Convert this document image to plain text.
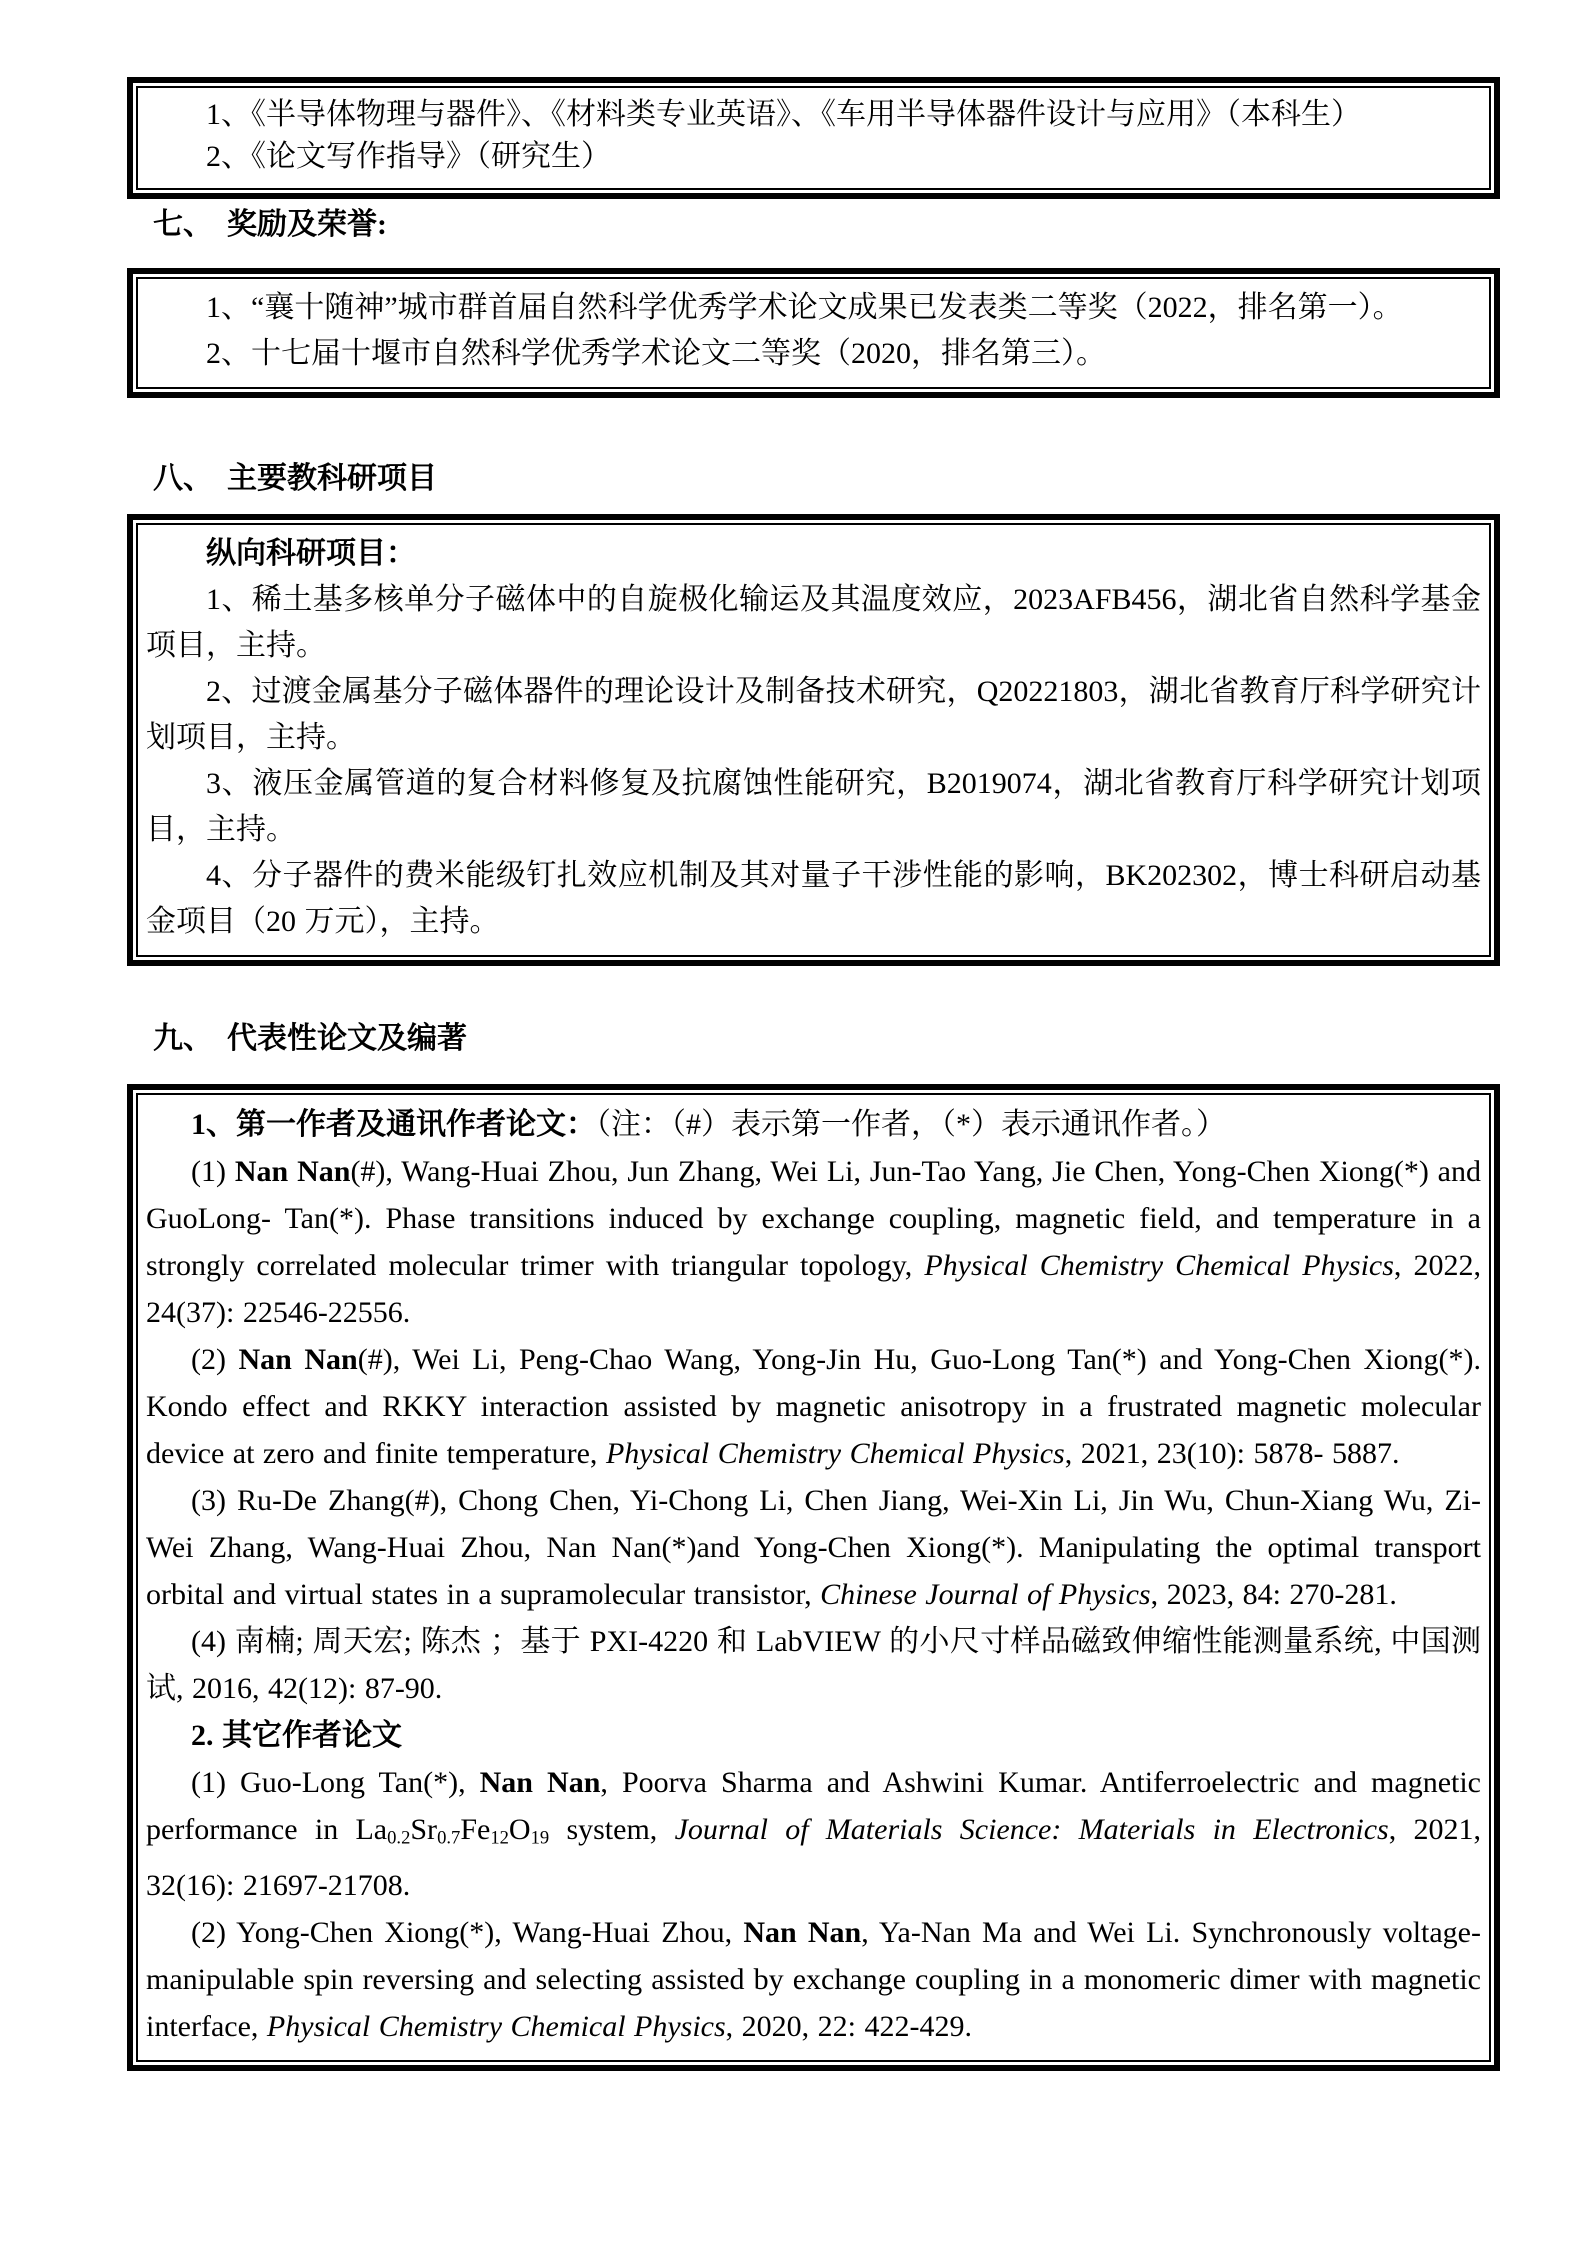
1、《半导体物理与器件》、《材料类专业英语》、《车用半导体器件设计与应用》（本科生）

2、《论文写作指导》（研究生）

七、 奖励及荣誉:

1、“襄十随神”城市群首届自然科学优秀学术论文成果已发表类二等奖（2022，排名第一）。

2、十七届十堰市自然科学优秀学术论文二等奖（2020，排名第三）。

八、 主要教科研项目

纵向科研项目：

1、稀土基多核单分子磁体中的自旋极化输运及其温度效应，2023AFB456，湖北省自然科学基金项目，主持。

2、过渡金属基分子磁体器件的理论设计及制备技术研究，Q20221803，湖北省教育厅科学研究计划项目，主持。

3、液压金属管道的复合材料修复及抗腐蚀性能研究，B2019074，湖北省教育厅科学研究计划项目，主持。

4、分子器件的费米能级钉扎效应机制及其对量子干涉性能的影响，BK202302，博士科研启动基金项目（20 万元），主持。

九、 代表性论文及编著

1、第一作者及通讯作者论文：（注：（#）表示第一作者，（*）表示通讯作者。）

(1) Nan Nan(#), Wang-Huai Zhou, Jun Zhang, Wei Li, Jun-Tao Yang, Jie Chen, Yong-Chen Xiong(*) and GuoLong- Tan(*). Phase transitions induced by exchange coupling, magnetic field, and temperature in a strongly correlated molecular trimer with triangular topology, Physical Chemistry Chemical Physics, 2022, 24(37): 22546-22556.

(2) Nan Nan(#), Wei Li, Peng-Chao Wang, Yong-Jin Hu, Guo-Long Tan(*) and Yong-Chen Xiong(*). Kondo effect and RKKY interaction assisted by magnetic anisotropy in a frustrated magnetic molecular device at zero and finite temperature, Physical Chemistry Chemical Physics, 2021, 23(10): 5878- 5887.

(3) Ru-De Zhang(#), Chong Chen, Yi-Chong Li, Chen Jiang, Wei-Xin Li, Jin Wu, Chun-Xiang Wu, Zi-Wei Zhang, Wang-Huai Zhou, Nan Nan(*)and Yong-Chen Xiong(*). Manipulating the optimal transport orbital and virtual states in a supramolecular transistor, Chinese Journal of Physics, 2023, 84: 270-281.

(4) 南楠; 周天宏; 陈杰 ；基于 PXI-4220 和 LabVIEW 的小尺寸样品磁致伸缩性能测量系统, 中国测试, 2016, 42(12): 87-90.

2. 其它作者论文

(1) Guo-Long Tan(*), Nan Nan, Poorva Sharma and Ashwini Kumar. Antiferroelectric and magnetic performance in $La_{0.2}Sr_{0.7}Fe_{12}O_{19}$ system, Journal of Materials Science: Materials in Electronics, 2021, 32(16): 21697-21708.

(2) Yong-Chen Xiong(*), Wang-Huai Zhou, Nan Nan, Ya-Nan Ma and Wei Li. Synchronously voltage-manipulable spin reversing and selecting assisted by exchange coupling in a monomeric dimer with magnetic interface, Physical Chemistry Chemical Physics, 2020, 22: 422-429.
